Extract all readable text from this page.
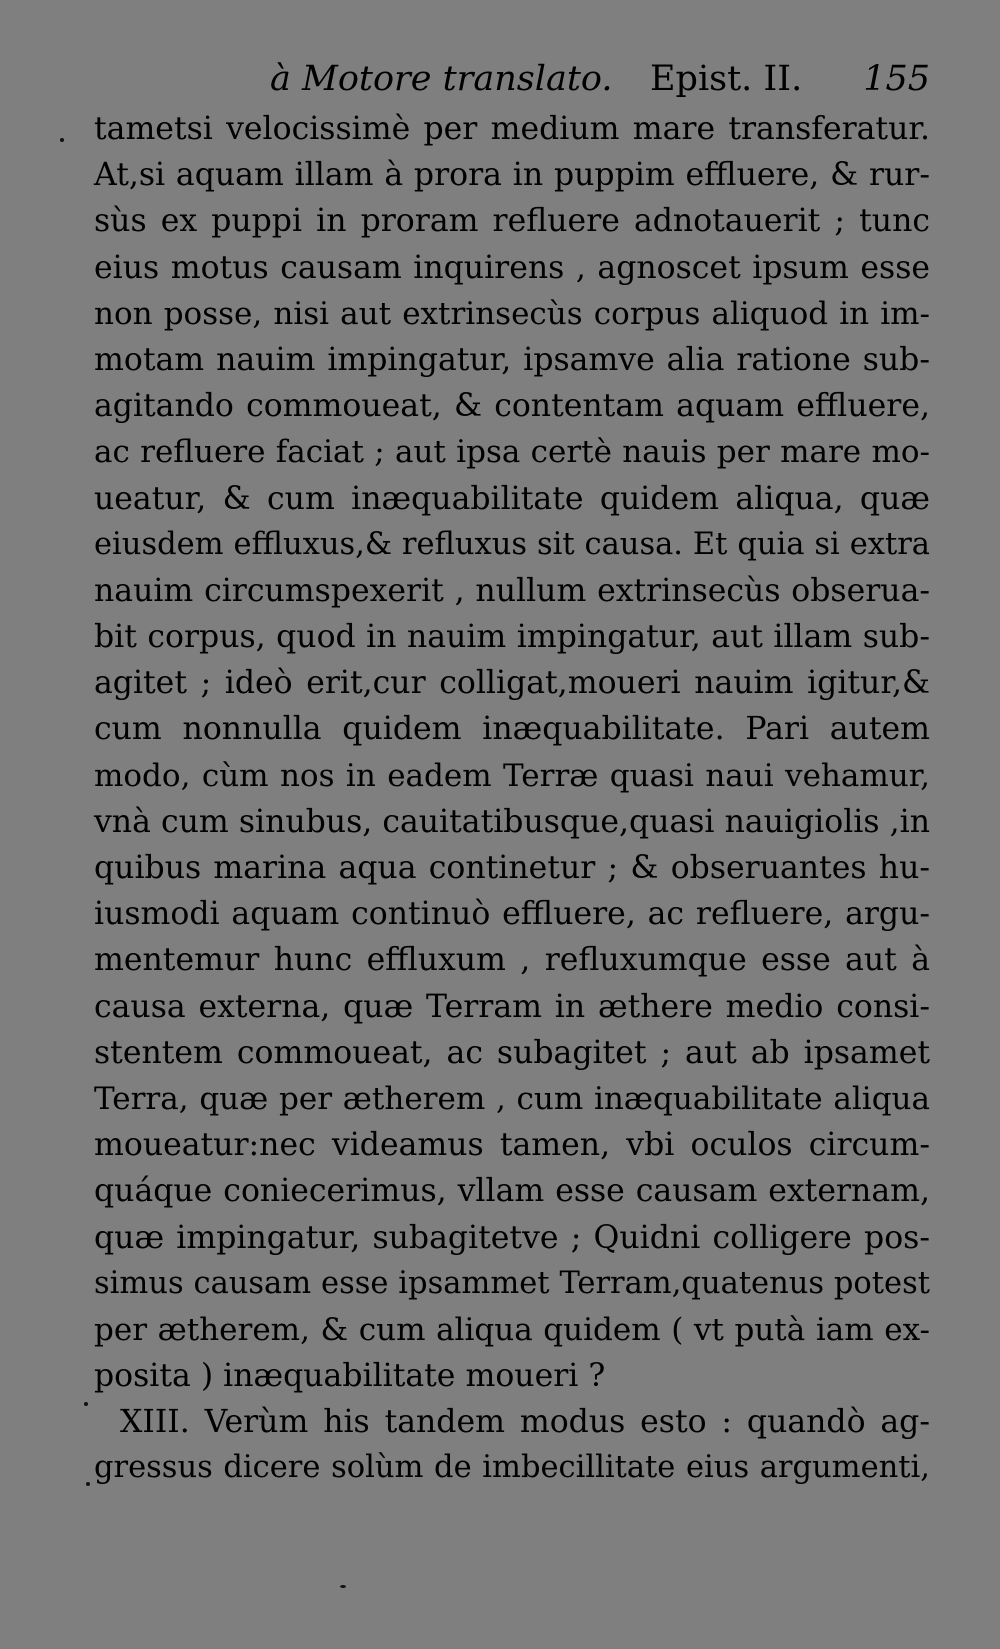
à Motore translato. Epist. II. 155
tametsi velocissimè per medium mare transferatur.
At,si aquam illam à prora in puppim effluere, & rur-
sùs ex puppi in proram refluere adnotauerit ; tunc
eius motus causam inquirens , agnoscet ipsum esse
non posse, nisi aut extrinsecùs corpus aliquod in im-
motam nauim impingatur, ipsamve alia ratione sub-
agitando commoueat, & contentam aquam effluere,
ac refluere faciat ; aut ipsa certè nauis per mare mo-
ueatur, & cum inæquabilitate quidem aliqua, quæ
eiusdem effluxus,& refluxus sit causa. Et quia si extra
nauim circumspexerit , nullum extrinsecùs obserua-
bit corpus, quod in nauim impingatur, aut illam sub-
agitet ; ideò erit,cur colligat,moueri nauim igitur,&
cum nonnulla quidem inæquabilitate. Pari autem
modo, cùm nos in eadem Terræ quasi naui vehamur,
vnà cum sinubus, cauitatibusque,quasi nauigiolis ,in
quibus marina aqua continetur ; & obseruantes hu-
iusmodi aquam continuò effluere, ac refluere, argu-
mentemur hunc effluxum , refluxumque esse aut à
causa externa, quæ Terram in æthere medio consi-
stentem commoueat, ac subagitet ; aut ab ipsamet
Terra, quæ per ætherem , cum inæquabilitate aliqua
moueatur:nec videamus tamen, vbi oculos circum-
quáque coniecerimus, vllam esse causam externam,
quæ impingatur, subagitetve ; Quidni colligere pos-
simus causam esse ipsammet Terram,quatenus potest
per ætherem, & cum aliqua quidem ( vt putà iam ex-
posita ) inæquabilitate moueri ?
XIII. Verùm his tandem modus esto : quandò ag-
gressus dicere solùm de imbecillitate eius argumenti,
